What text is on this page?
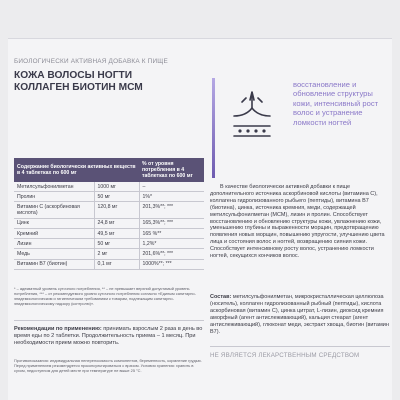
БИОЛОГИЧЕСКИ АКТИВНАЯ ДОБАВКА К ПИЩЕ
КОЖА ВОЛОСЫ НОГТИ
КОЛЛАГЕН БИОТИН МСМ
Содержание биологически активных веществ в 4 таблетках по 600 мг		% от уровня потребления в 4 таблетках по 600 мг
Метилсульфонилметан	1000 мг	–
Пролин	50 мг	1%*
Витамин С (аскорбиновая кислота)	120,8 мг	201,3%**; ***
Цинк	24,8 мг	165,3%**; ***
Кремний	49,5 мг	165 %**
Лизин	50 мг	1,2%*
Медь	2 мг	201,6%**; ***
Витамин В7 (биотин)	0,1 мг	1000%**; ***
* – адекватный уровень суточного потребления, ** – не превышает верхний допустимый уровень потребления, *** – от рекомендуемого уровня суточного потребления согласно «Единым санитарно-эпидемиологическим и гигиеническим требованиям к товарам, подлежащим санитарно-эпидемиологическому надзору (контролю)».
Рекомендации по применению: принимать взрослым 2 раза в день во время еды по 2 таблетки. Продолжительность приема – 1 месяц. При необходимости прием можно повторить.
Противопоказания: индивидуальная непереносимость компонентов, беременность, кормление грудью. Перед применением рекомендуется проконсультироваться с врачом. Условия хранения: хранить в сухом, недоступном для детей месте при температуре не выше 25 °С.
восстановление и обновление структуры кожи, интенсивный рост волос и устранение ломкости ногтей
В качестве биологически активной добавки к пище дополнительного источника аскорбиновой кислоты (витамина С), коллагена гидролизованного рыбьего (пептиды), витамина В7 (биотина), цинка, источника кремния, меди, содержащей метилсульфонилметан (МСМ), лизин и пролин. Способствует восстановлению и обновлению структуры кожи, увлажнению кожи, уменьшению глубины и выраженности морщин, предотвращению появления новых морщин, повышению упругости, улучшению цвета лица и состояния волос и ногтей, возвращению сияния кожи. Способствует интенсивному росту волос, устранению ломкости ногтей, секущихся кончиков волос.
Состав: метилсульфонилметан, микрокристаллическая целлюлоза (носитель), коллаген гидролизованный рыбный (пептиды), кислота аскорбиновая (витамин С), цинка цитрат, L-лизин, диоксид кремния аморфный (агент антислеживающий), кальция стеарат (агент антислеживающий), глюконат меди, экстракт хвоща, биотин (витамин В7).
НЕ ЯВЛЯЕТСЯ ЛЕКАРСТВЕННЫМ СРЕДСТВОМ
